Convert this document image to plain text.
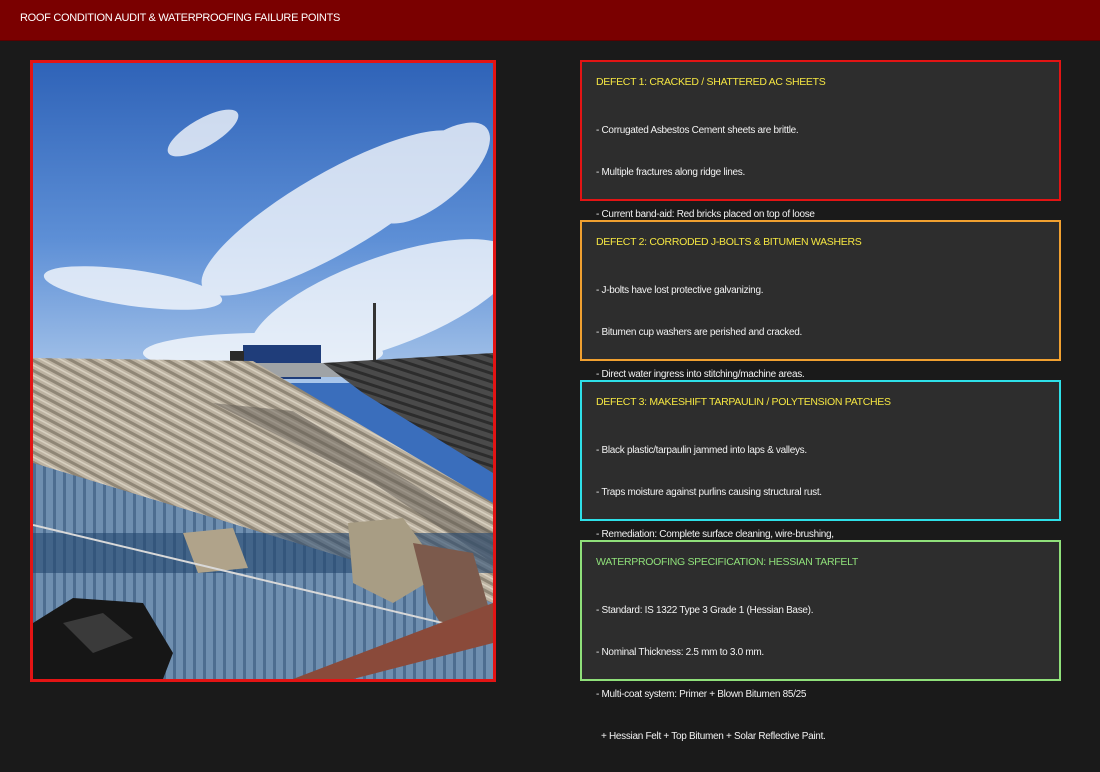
ROOF CONDITION AUDIT & WATERPROOFING FAILURE POINTS
DEFECT 1: CRACKED / SHATTERED AC SHEETS

- Corrugated Asbestos Cement sheets are brittle.

- Multiple fractures along ridge lines.

- Current band-aid: Red bricks placed on top of loose

DEFECT 2: CORRODED J-BOLTS & BITUMEN WASHERS

- J-bolts have lost protective galvanizing.

- Bitumen cup washers are perished and cracked.

- Direct water ingress into stitching/machine areas.

DEFECT 3: MAKESHIFT TARPAULIN / POLYTENSION PATCHES

- Black plastic/tarpaulin jammed into laps & valleys.

- Traps moisture against purlins causing structural rust.

- Remediation: Complete surface cleaning, wire-brushing,

WATERPROOFING SPECIFICATION: HESSIAN TARFELT

- Standard: IS 1322 Type 3 Grade 1 (Hessian Base).

- Nominal Thickness: 2.5 mm to 3.0 mm.

- Multi-coat system: Primer + Blown Bitumen 85/25

+ Hessian Felt + Top Bitumen + Solar Reflective Paint.
